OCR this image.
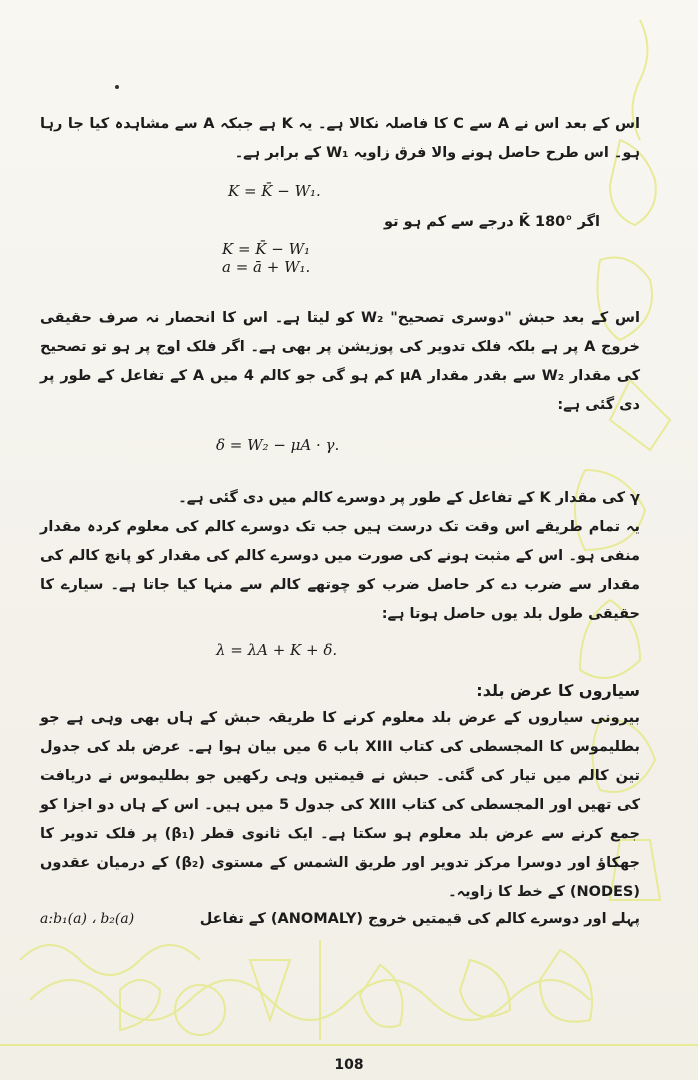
اس کے بعد اس نے A سے C کا فاصلہ نکالا ہے۔ یہ K ہے جبکہ A سے مشاہدہ کیا جا رہا ہو۔ اس طرح حاصل ہونے والا فرق زاویہ W₁ کے برابر ہے۔

K = K̄ − W₁.

اگر K̄ 180° درجے سے کم ہو تو

K = K̄ − W₁

a = ā + W₁.

اس کے بعد حبش "دوسری تصحیح" W₂ کو لیتا ہے۔ اس کا انحصار نہ صرف حقیقی خروج A پر ہے بلکہ فلک تدویر کی پوزیشن پر بھی ہے۔ اگر فلک اوج پر ہو تو تصحیح کی مقدار W₂ سے بقدر مقدار μA کم ہو گی جو کالم 4 میں A کے تفاعل کے طور پر دی گئی ہے:

δ = W₂ − μA · γ.

γ کی مقدار K کے تفاعل کے طور پر دوسرے کالم میں دی گئی ہے۔

یہ تمام طریقے اس وقت تک درست ہیں جب تک دوسرے کالم کی معلوم کردہ مقدار منفی ہو۔ اس کے مثبت ہونے کی صورت میں دوسرے کالم کی مقدار کو پانچ کالم کی مقدار سے ضرب دے کر حاصل ضرب کو چوتھے کالم سے منہا کیا جاتا ہے۔ سیارے کا حقیقی طول بلد یوں حاصل ہوتا ہے:

λ = λA + K + δ.

سیاروں کا عرض بلد:

بیرونی سیاروں کے عرض بلد معلوم کرنے کا طریقہ حبش کے ہاں بھی وہی ہے جو بطلیموس کا المجسطی کی کتاب XIII باب 6 میں بیان ہوا ہے۔ عرض بلد کی جدول تین کالم میں تیار کی گئی۔ حبش نے قیمتیں وہی رکھیں جو بطلیموس نے دریافت کی تھیں اور المجسطی کی کتاب XIII کی جدول 5 میں ہیں۔ اس کے ہاں دو اجزا کو جمع کرنے سے عرض بلد معلوم ہو سکتا ہے۔ ایک ثانوی قطر (β₁) پر فلک تدویر کا جھکاؤ اور دوسرا مرکز تدویر اور طریق الشمس کے مستوی (β₂) کے درمیان عقدوں (NODES) کے خط کا زاویہ۔

a:b₁(a) ، b₂(a)	پہلے اور دوسرے کالم کی قیمتیں خروج (ANOMALY) کے تفاعل
108
